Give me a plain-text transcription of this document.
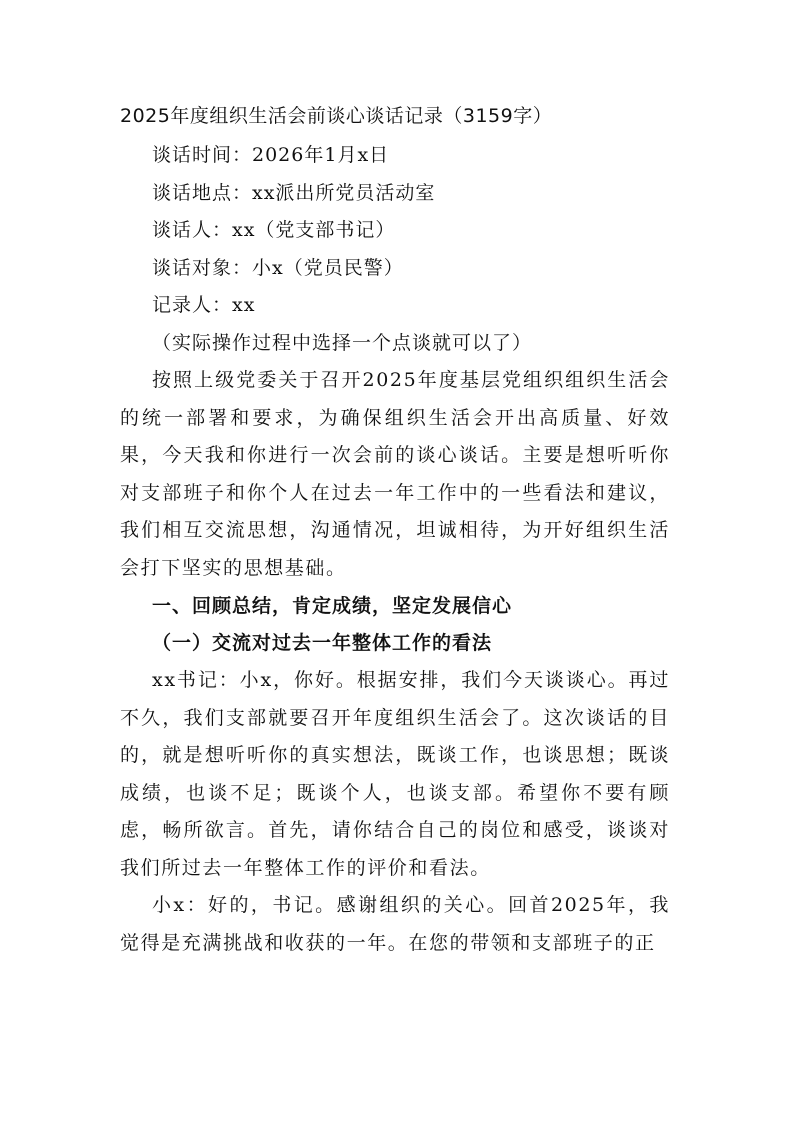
2025年度组织生活会前谈心谈话记录（3159字）
谈话时间：2026年1月x日
谈话地点：xx派出所党员活动室
谈话人：xx（党支部书记）
谈话对象：小x（党员民警）
记录人：xx
（实际操作过程中选择一个点谈就可以了）
按照上级党委关于召开2025年度基层党组织组织生活会的统一部署和要求，为确保组织生活会开出高质量、好效果，今天我和你进行一次会前的谈心谈话。主要是想听听你对支部班子和你个人在过去一年工作中的一些看法和建议，我们相互交流思想，沟通情况，坦诚相待，为开好组织生活会打下坚实的思想基础。
一、回顾总结，肯定成绩，坚定发展信心
（一）交流对过去一年整体工作的看法
xx书记：小x，你好。根据安排，我们今天谈谈心。再过不久，我们支部就要召开年度组织生活会了。这次谈话的目的，就是想听听你的真实想法，既谈工作，也谈思想；既谈成绩，也谈不足；既谈个人，也谈支部。希望你不要有顾虑，畅所欲言。首先，请你结合自己的岗位和感受，谈谈对我们所过去一年整体工作的评价和看法。
小x：好的，书记。感谢组织的关心。回首2025年，我觉得是充满挑战和收获的一年。在您的带领和支部班子的正
